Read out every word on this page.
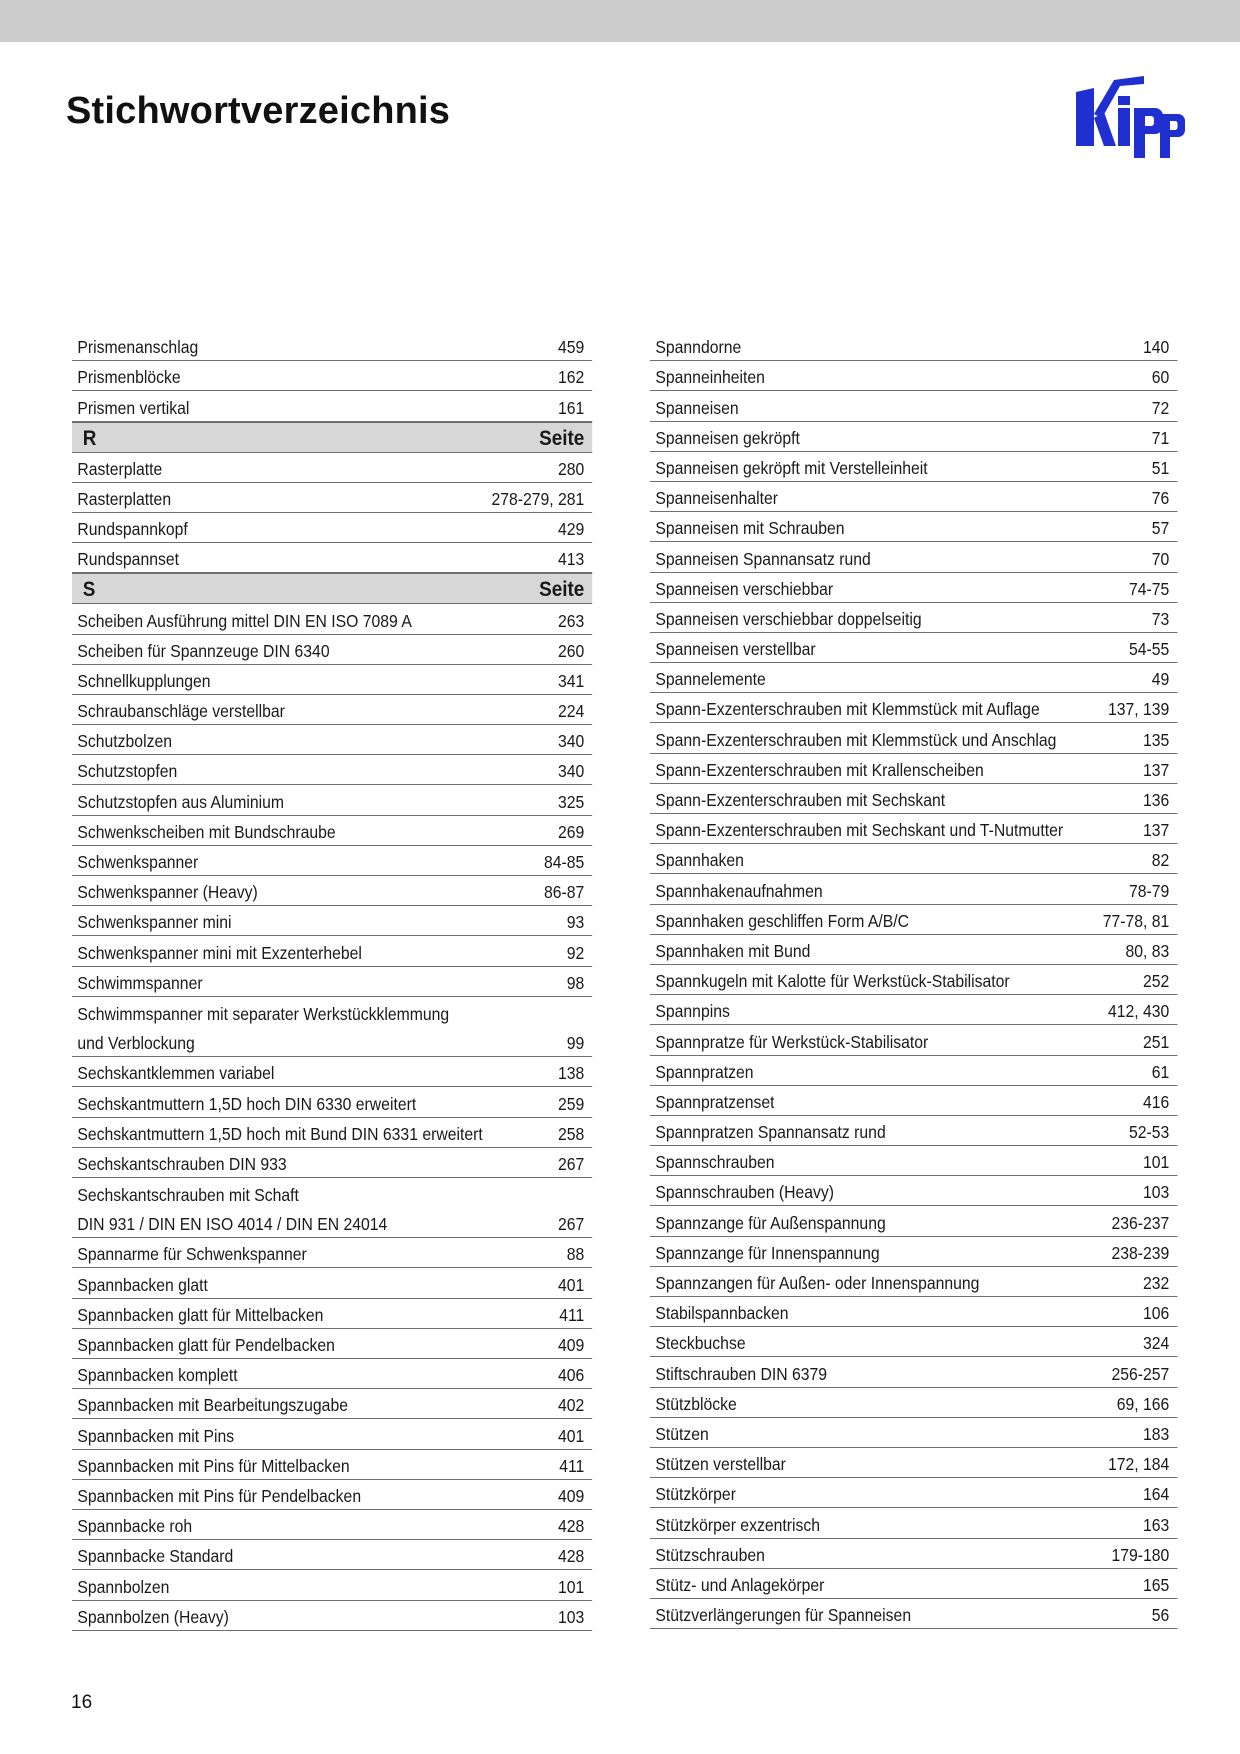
Stichwortverzeichnis
Prismenanschlag	459
Prismenblöcke	162
Prismen vertikal	161
R	Seite
Rasterplatte	280
Rasterplatten	278-279, 281
Rundspannkopf	429
Rundspannset	413
S	Seite
Scheiben Ausführung mittel DIN EN ISO 7089 A	263
Scheiben für Spannzeuge DIN 6340	260
Schnellkupplungen	341
Schraubanschläge verstellbar	224
Schutzbolzen	340
Schutzstopfen	340
Schutzstopfen aus Aluminium	325
Schwenkscheiben mit Bundschraube	269
Schwenkspanner	84-85
Schwenkspanner (Heavy)	86-87
Schwenkspanner mini	93
Schwenkspanner mini mit Exzenterhebel	92
Schwimmspanner	98
Schwimmspanner mit separater Werkstückklemmung
und Verblockung	99
Sechskantklemmen variabel	138
Sechskantmuttern 1,5D hoch DIN 6330 erweitert	259
Sechskantmuttern 1,5D hoch mit Bund DIN 6331 erweitert	258
Sechskantschrauben DIN 933	267
Sechskantschrauben mit Schaft
DIN 931 / DIN EN ISO 4014 / DIN EN 24014	267
Spannarme für Schwenkspanner	88
Spannbacken glatt	401
Spannbacken glatt für Mittelbacken	411
Spannbacken glatt für Pendelbacken	409
Spannbacken komplett	406
Spannbacken mit Bearbeitungszugabe	402
Spannbacken mit Pins	401
Spannbacken mit Pins für Mittelbacken	411
Spannbacken mit Pins für Pendelbacken	409
Spannbacke roh	428
Spannbacke Standard	428
Spannbolzen	101
Spannbolzen (Heavy)	103
Spanndorne	140
Spanneinheiten	60
Spanneisen	72
Spanneisen gekröpft	71
Spanneisen gekröpft mit Verstelleinheit	51
Spanneisenhalter	76
Spanneisen mit Schrauben	57
Spanneisen Spannansatz rund	70
Spanneisen verschiebbar	74-75
Spanneisen verschiebbar doppelseitig	73
Spanneisen verstellbar	54-55
Spannelemente	49
Spann-Exzenterschrauben mit Klemmstück mit Auflage	137, 139
Spann-Exzenterschrauben mit Klemmstück und Anschlag	135
Spann-Exzenterschrauben mit Krallenscheiben	137
Spann-Exzenterschrauben mit Sechskant	136
Spann-Exzenterschrauben mit Sechskant und T-Nutmutter	137
Spannhaken	82
Spannhakenaufnahmen	78-79
Spannhaken geschliffen Form A/B/C	77-78, 81
Spannhaken mit Bund	80, 83
Spannkugeln mit Kalotte für Werkstück-Stabilisator	252
Spannpins	412, 430
Spannpratze für Werkstück-Stabilisator	251
Spannpratzen	61
Spannpratzenset	416
Spannpratzen Spannansatz rund	52-53
Spannschrauben	101
Spannschrauben (Heavy)	103
Spannzange für Außenspannung	236-237
Spannzange für Innenspannung	238-239
Spannzangen für Außen- oder Innenspannung	232
Stabilspannbacken	106
Steckbuchse	324
Stiftschrauben DIN 6379	256-257
Stützblöcke	69, 166
Stützen	183
Stützen verstellbar	172, 184
Stützkörper	164
Stützkörper exzentrisch	163
Stützschrauben	179-180
Stütz- und Anlagekörper	165
Stützverlängerungen für Spanneisen	56
16
